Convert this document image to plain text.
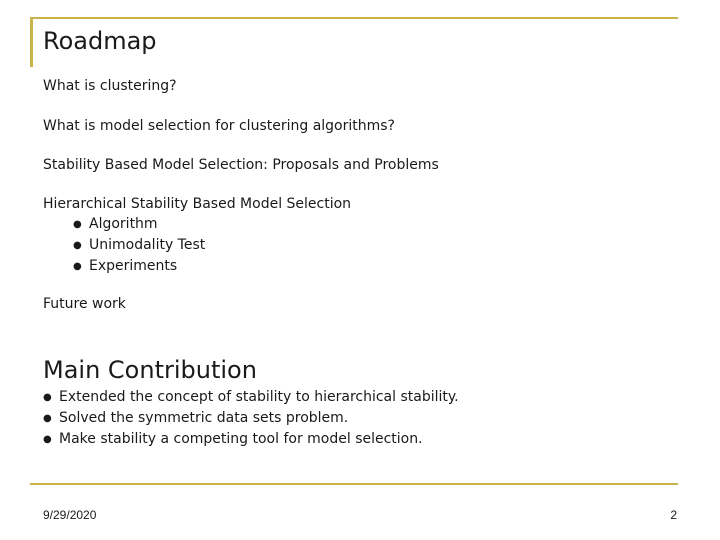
Roadmap
What is clustering?
What is model selection for clustering algorithms?
Stability Based Model Selection: Proposals and Problems
Hierarchical Stability Based Model Selection
● Algorithm
● Unimodality Test
● Experiments
Future work
Main Contribution
● Extended the concept of stability to hierarchical stability.
● Solved the symmetric data sets problem.
● Make stability a competing tool for model selection.
9/29/2020	2
